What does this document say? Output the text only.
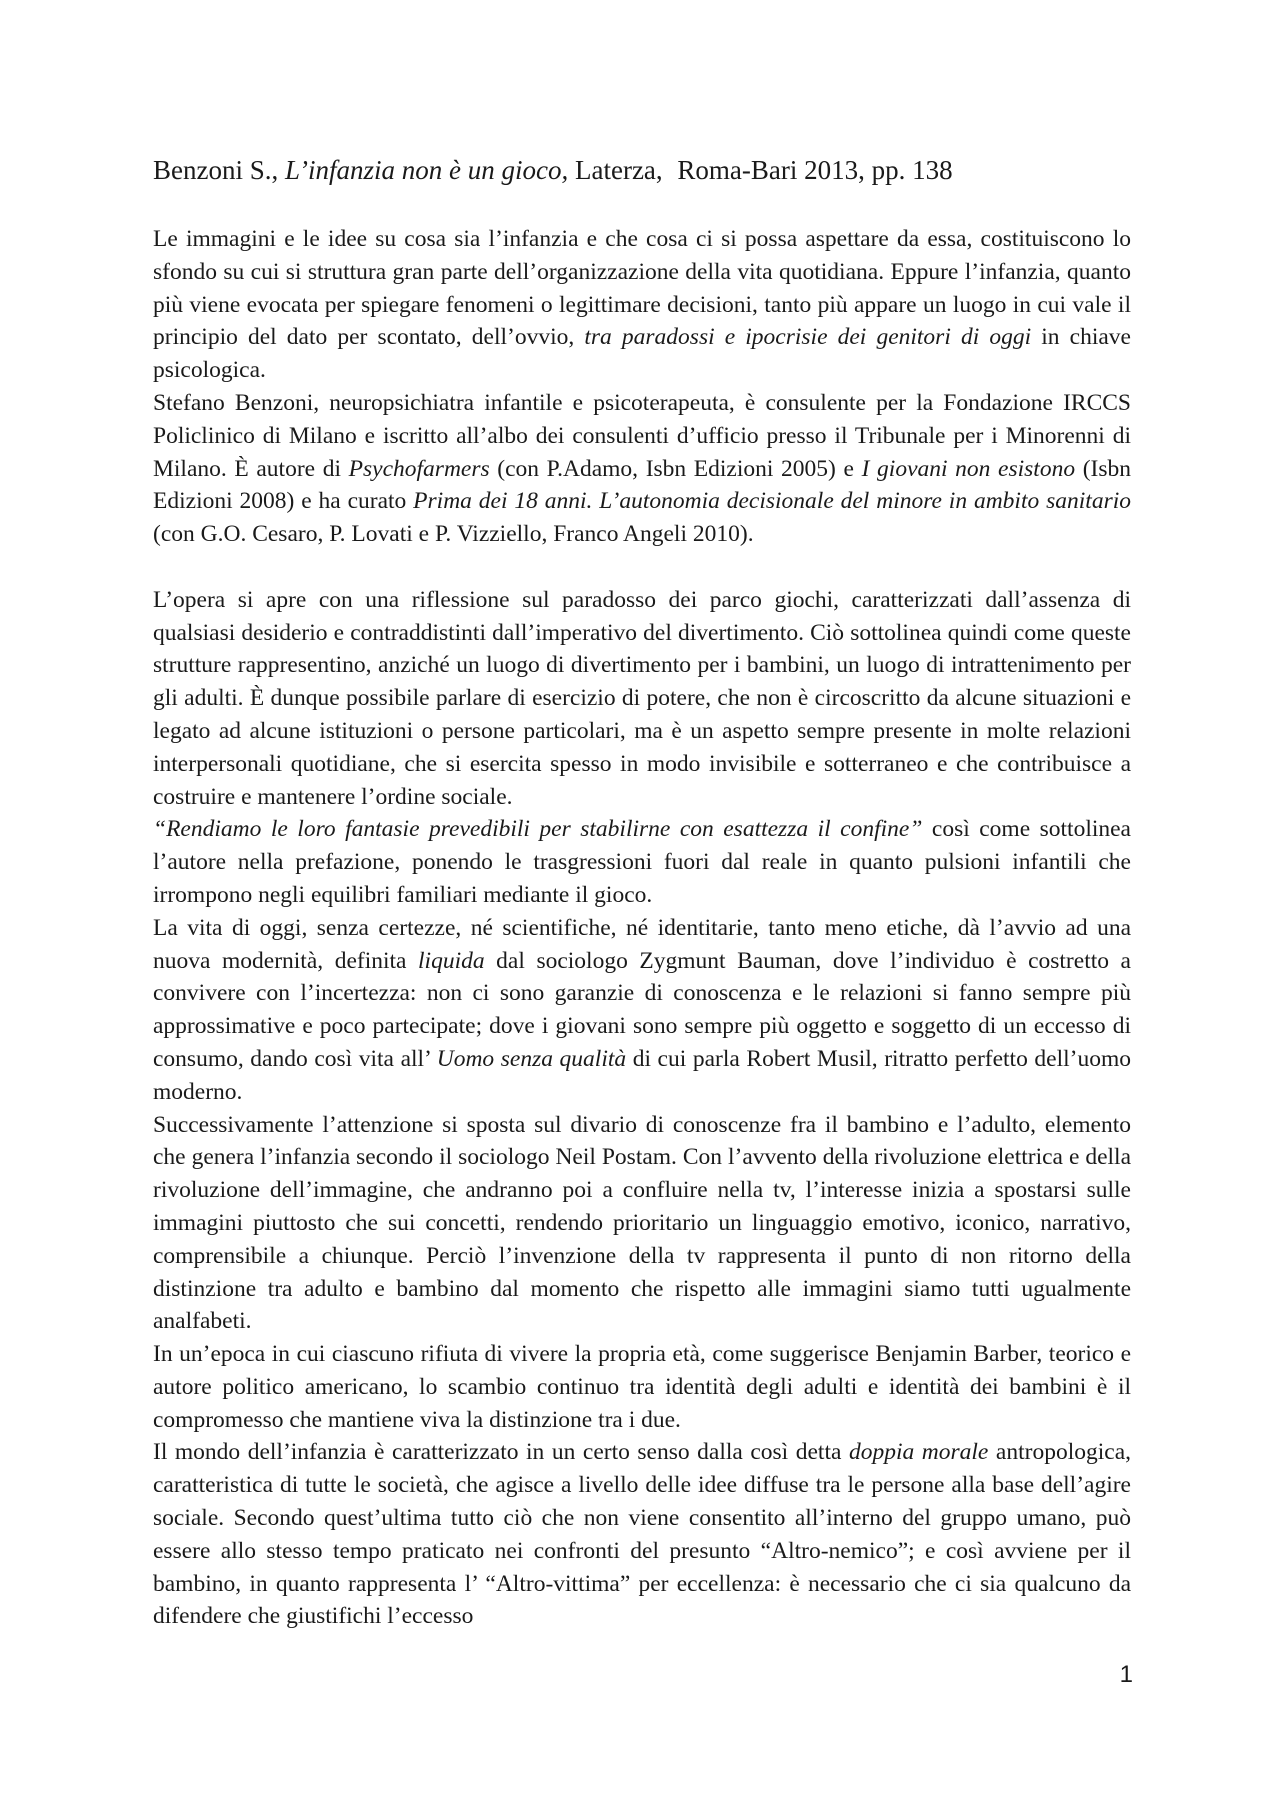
Benzoni S., L’infanzia non è un gioco, Laterza, Roma-Bari 2013, pp. 138

Le immagini e le idee su cosa sia l’infanzia e che cosa ci si possa aspettare da essa, costituiscono lo sfondo su cui si struttura gran parte dell’organizzazione della vita quotidiana. Eppure l’infanzia, quanto più viene evocata per spiegare fenomeni o legittimare decisioni, tanto più appare un luogo in cui vale il principio del dato per scontato, dell’ovvio, tra paradossi e ipocrisie dei genitori di oggi in chiave psicologica.

Stefano Benzoni, neuropsichiatra infantile e psicoterapeuta, è consulente per la Fondazione IRCCS Policlinico di Milano e iscritto all’albo dei consulenti d’ufficio presso il Tribunale per i Minorenni di Milano. È autore di Psychofarmers (con P.Adamo, Isbn Edizioni 2005) e I giovani non esistono (Isbn Edizioni 2008) e ha curato Prima dei 18 anni. L’autonomia decisionale del minore in ambito sanitario (con G.O. Cesaro, P. Lovati e P. Vizziello, Franco Angeli 2010).

L’opera si apre con una riflessione sul paradosso dei parco giochi, caratterizzati dall’assenza di qualsiasi desiderio e contraddistinti dall’imperativo del divertimento. Ciò sottolinea quindi come queste strutture rappresentino, anziché un luogo di divertimento per i bambini, un luogo di intrattenimento per gli adulti. È dunque possibile parlare di esercizio di potere, che non è circoscritto da alcune situazioni e legato ad alcune istituzioni o persone particolari, ma è un aspetto sempre presente in molte relazioni interpersonali quotidiane, che si esercita spesso in modo invisibile e sotterraneo e che contribuisce a costruire e mantenere l’ordine sociale.

“Rendiamo le loro fantasie prevedibili per stabilirne con esattezza il confine” così come sottolinea l’autore nella prefazione, ponendo le trasgressioni fuori dal reale in quanto pulsioni infantili che irrompono negli equilibri familiari mediante il gioco.

La vita di oggi, senza certezze, né scientifiche, né identitarie, tanto meno etiche, dà l’avvio ad una nuova modernità, definita liquida dal sociologo Zygmunt Bauman, dove l’individuo è costretto a convivere con l’incertezza: non ci sono garanzie di conoscenza e le relazioni si fanno sempre più approssimative e poco partecipate; dove i giovani sono sempre più oggetto e soggetto di un eccesso di consumo, dando così vita all’ Uomo senza qualità di cui parla Robert Musil, ritratto perfetto dell’uomo moderno.

Successivamente l’attenzione si sposta sul divario di conoscenze fra il bambino e l’adulto, elemento che genera l’infanzia secondo il sociologo Neil Postam. Con l’avvento della rivoluzione elettrica e della rivoluzione dell’immagine, che andranno poi a confluire nella tv, l’interesse inizia a spostarsi sulle immagini piuttosto che sui concetti, rendendo prioritario un linguaggio emotivo, iconico, narrativo, comprensibile a chiunque. Perciò l’invenzione della tv rappresenta il punto di non ritorno della distinzione tra adulto e bambino dal momento che rispetto alle immagini siamo tutti ugualmente analfabeti.

In un’epoca in cui ciascuno rifiuta di vivere la propria età, come suggerisce Benjamin Barber, teorico e autore politico americano, lo scambio continuo tra identità degli adulti e identità dei bambini è il compromesso che mantiene viva la distinzione tra i due.

Il mondo dell’infanzia è caratterizzato in un certo senso dalla così detta doppia morale antropologica, caratteristica di tutte le società, che agisce a livello delle idee diffuse tra le persone alla base dell’agire sociale. Secondo quest’ultima tutto ciò che non viene consentito all’interno del gruppo umano, può essere allo stesso tempo praticato nei confronti del presunto “Altro-nemico”; e così avviene per il bambino, in quanto rappresenta l’ “Altro-vittima” per eccellenza: è necessario che ci sia qualcuno da difendere che giustifichi l’eccesso

1
